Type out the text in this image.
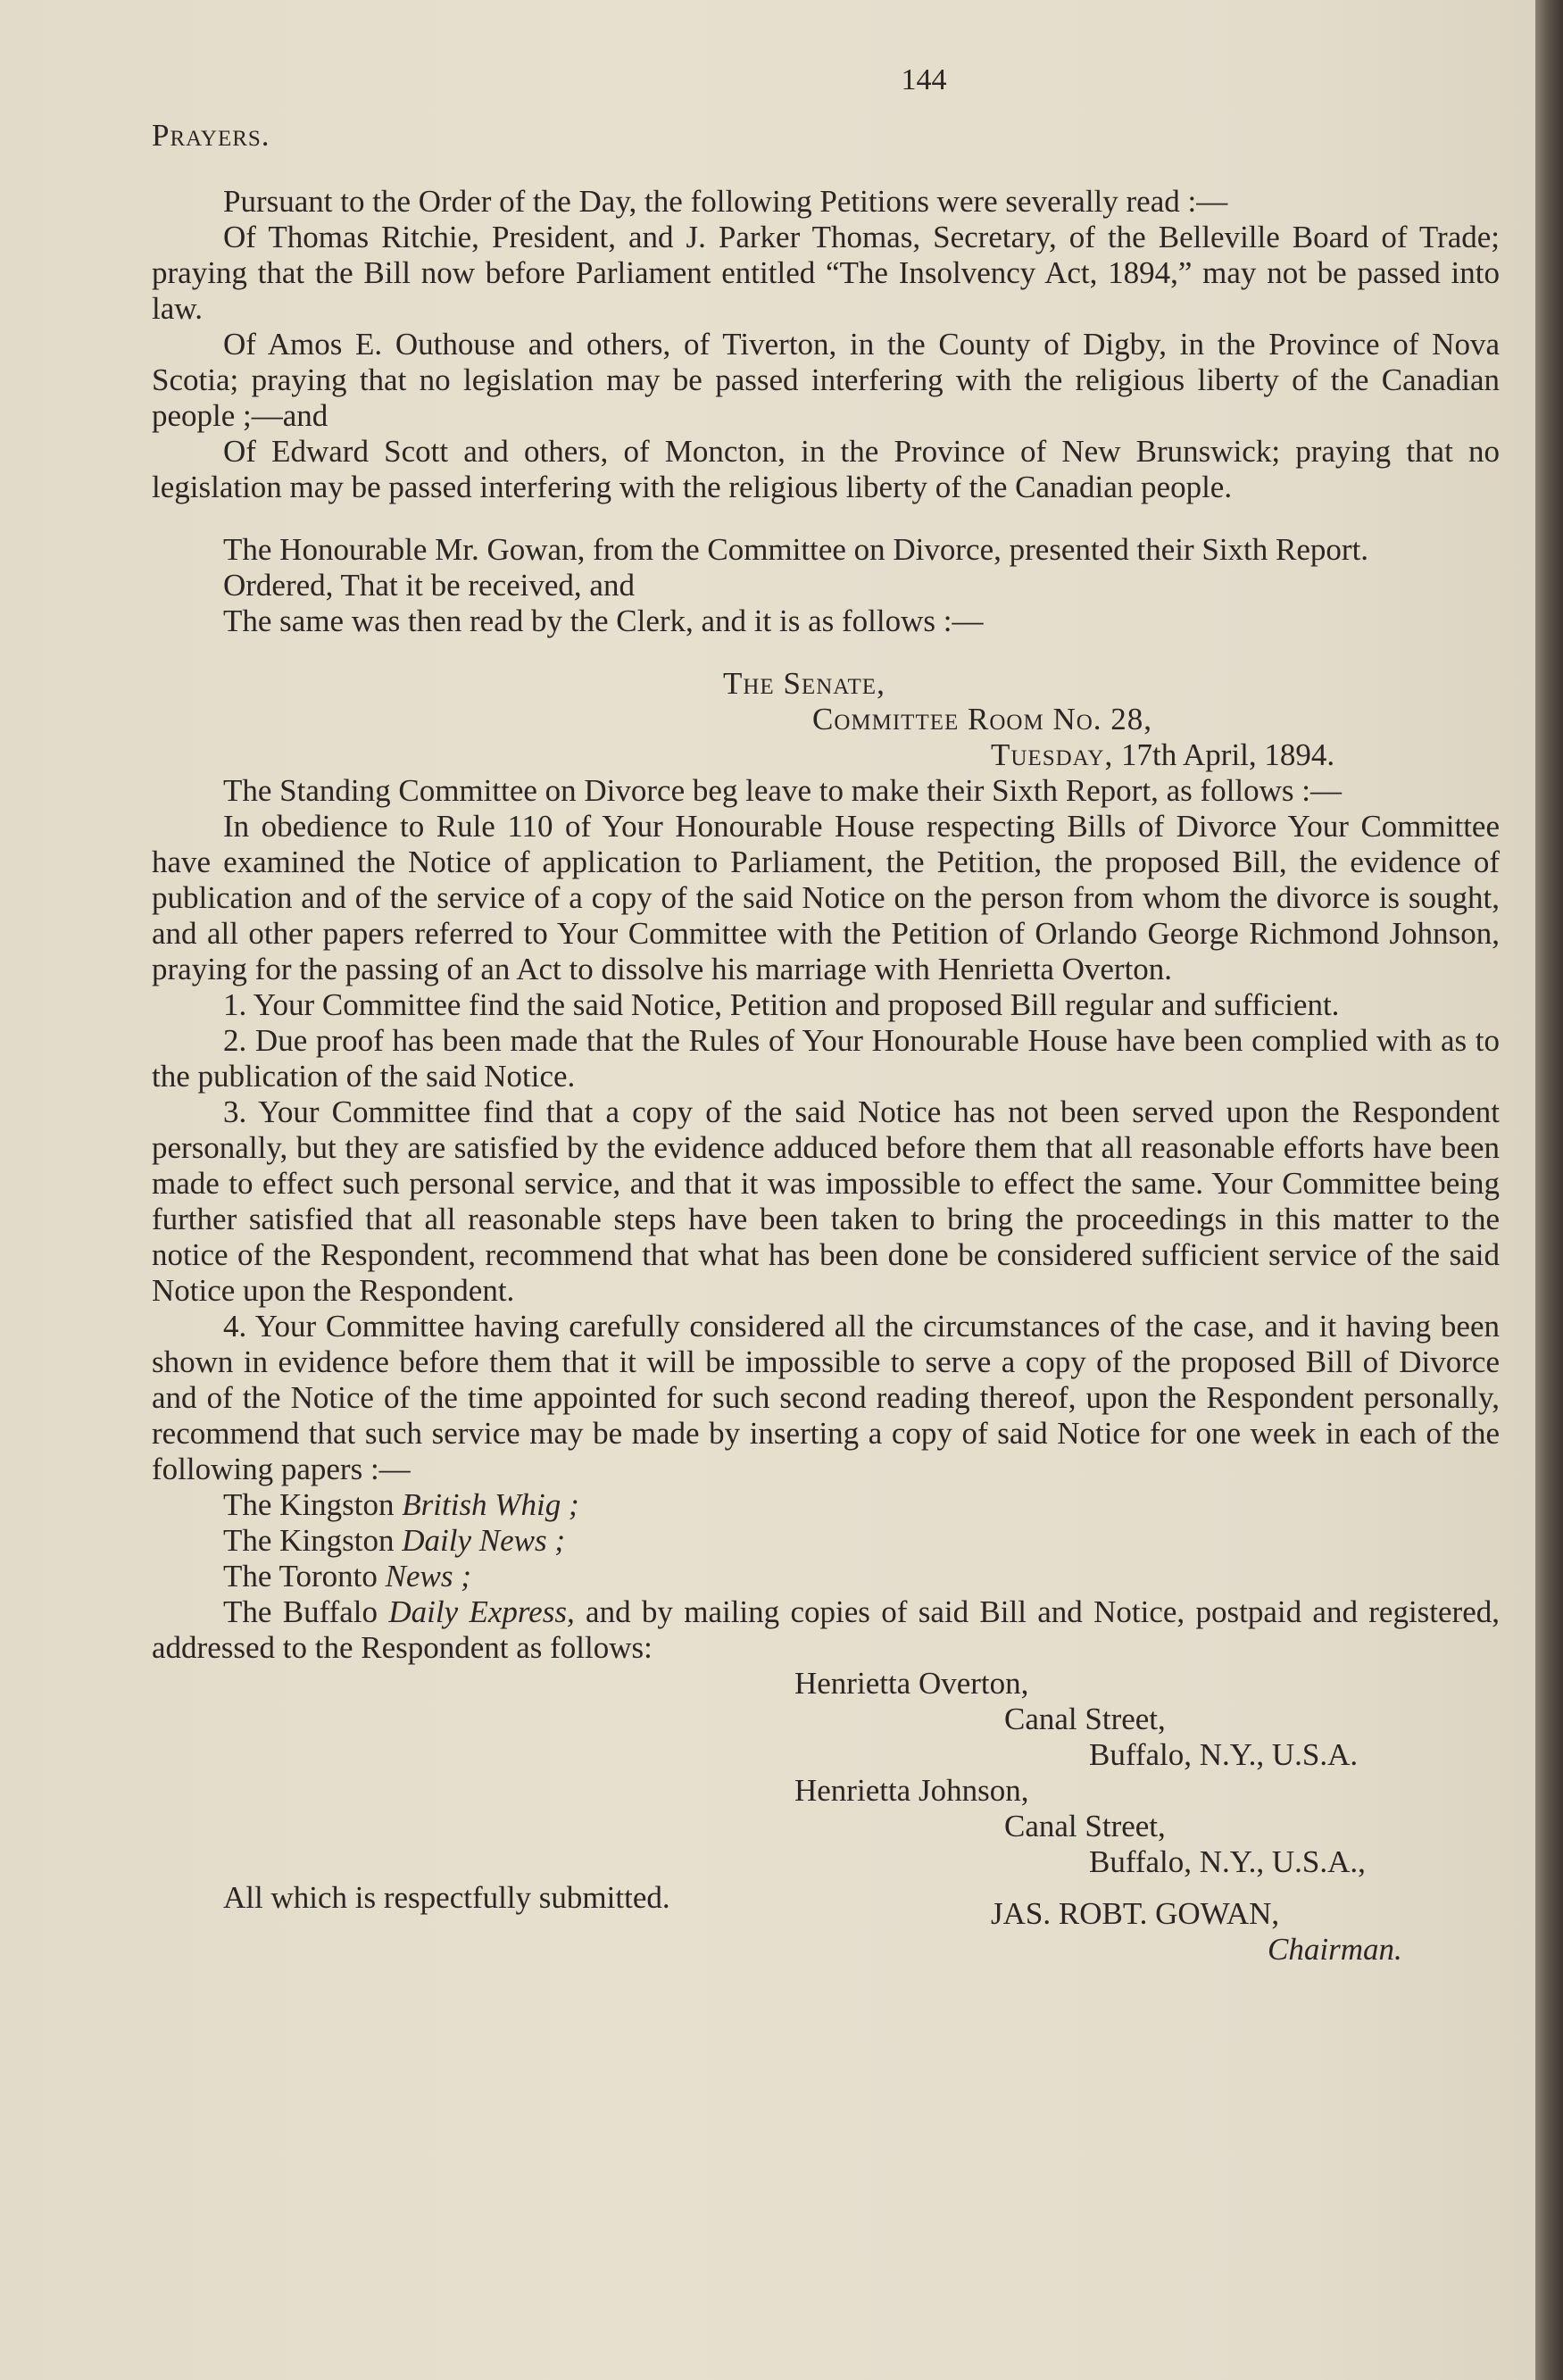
144
Prayers.

Pursuant to the Order of the Day, the following Petitions were severally read :—

Of Thomas Ritchie, President, and J. Parker Thomas, Secretary, of the Belleville Board of Trade; praying that the Bill now before Parliament entitled “The Insolvency Act, 1894,” may not be passed into law.

Of Amos E. Outhouse and others, of Tiverton, in the County of Digby, in the Province of Nova Scotia; praying that no legislation may be passed interfering with the religious liberty of the Canadian people ;—and

Of Edward Scott and others, of Moncton, in the Province of New Brunswick; praying that no legislation may be passed interfering with the religious liberty of the Canadian people.

The Honourable Mr. Gowan, from the Committee on Divorce, presented their Sixth Report.

Ordered, That it be received, and

The same was then read by the Clerk, and it is as follows :—

The Senate,

Committee Room No. 28,

Tuesday, 17th April, 1894.

The Standing Committee on Divorce beg leave to make their Sixth Report, as follows :—

In obedience to Rule 110 of Your Honourable House respecting Bills of Divorce Your Committee have examined the Notice of application to Parliament, the Petition, the proposed Bill, the evidence of publication and of the service of a copy of the said Notice on the person from whom the divorce is sought, and all other papers referred to Your Committee with the Petition of Orlando George Richmond Johnson, praying for the passing of an Act to dissolve his marriage with Henrietta Overton.

1. Your Committee find the said Notice, Petition and proposed Bill regular and sufficient.

2. Due proof has been made that the Rules of Your Honourable House have been complied with as to the publication of the said Notice.

3. Your Committee find that a copy of the said Notice has not been served upon the Respondent personally, but they are satisfied by the evidence adduced before them that all reasonable efforts have been made to effect such personal service, and that it was impossible to effect the same. Your Committee being further satisfied that all reasonable steps have been taken to bring the proceedings in this matter to the notice of the Respondent, recommend that what has been done be considered sufficient service of the said Notice upon the Respondent.

4. Your Committee having carefully considered all the circumstances of the case, and it having been shown in evidence before them that it will be impossible to serve a copy of the proposed Bill of Divorce and of the Notice of the time appointed for such second reading thereof, upon the Respondent personally, recommend that such service may be made by inserting a copy of said Notice for one week in each of the following papers :—

The Kingston British Whig ;

The Kingston Daily News ;

The Toronto News ;

The Buffalo Daily Express, and by mailing copies of said Bill and Notice, postpaid and registered, addressed to the Respondent as follows:

Henrietta Overton,

Canal Street,

Buffalo, N.Y., U.S.A.

Henrietta Johnson,

Canal Street,

Buffalo, N.Y., U.S.A.,

All which is respectfully submitted.	JAS. ROBT. GOWAN,

Chairman.
